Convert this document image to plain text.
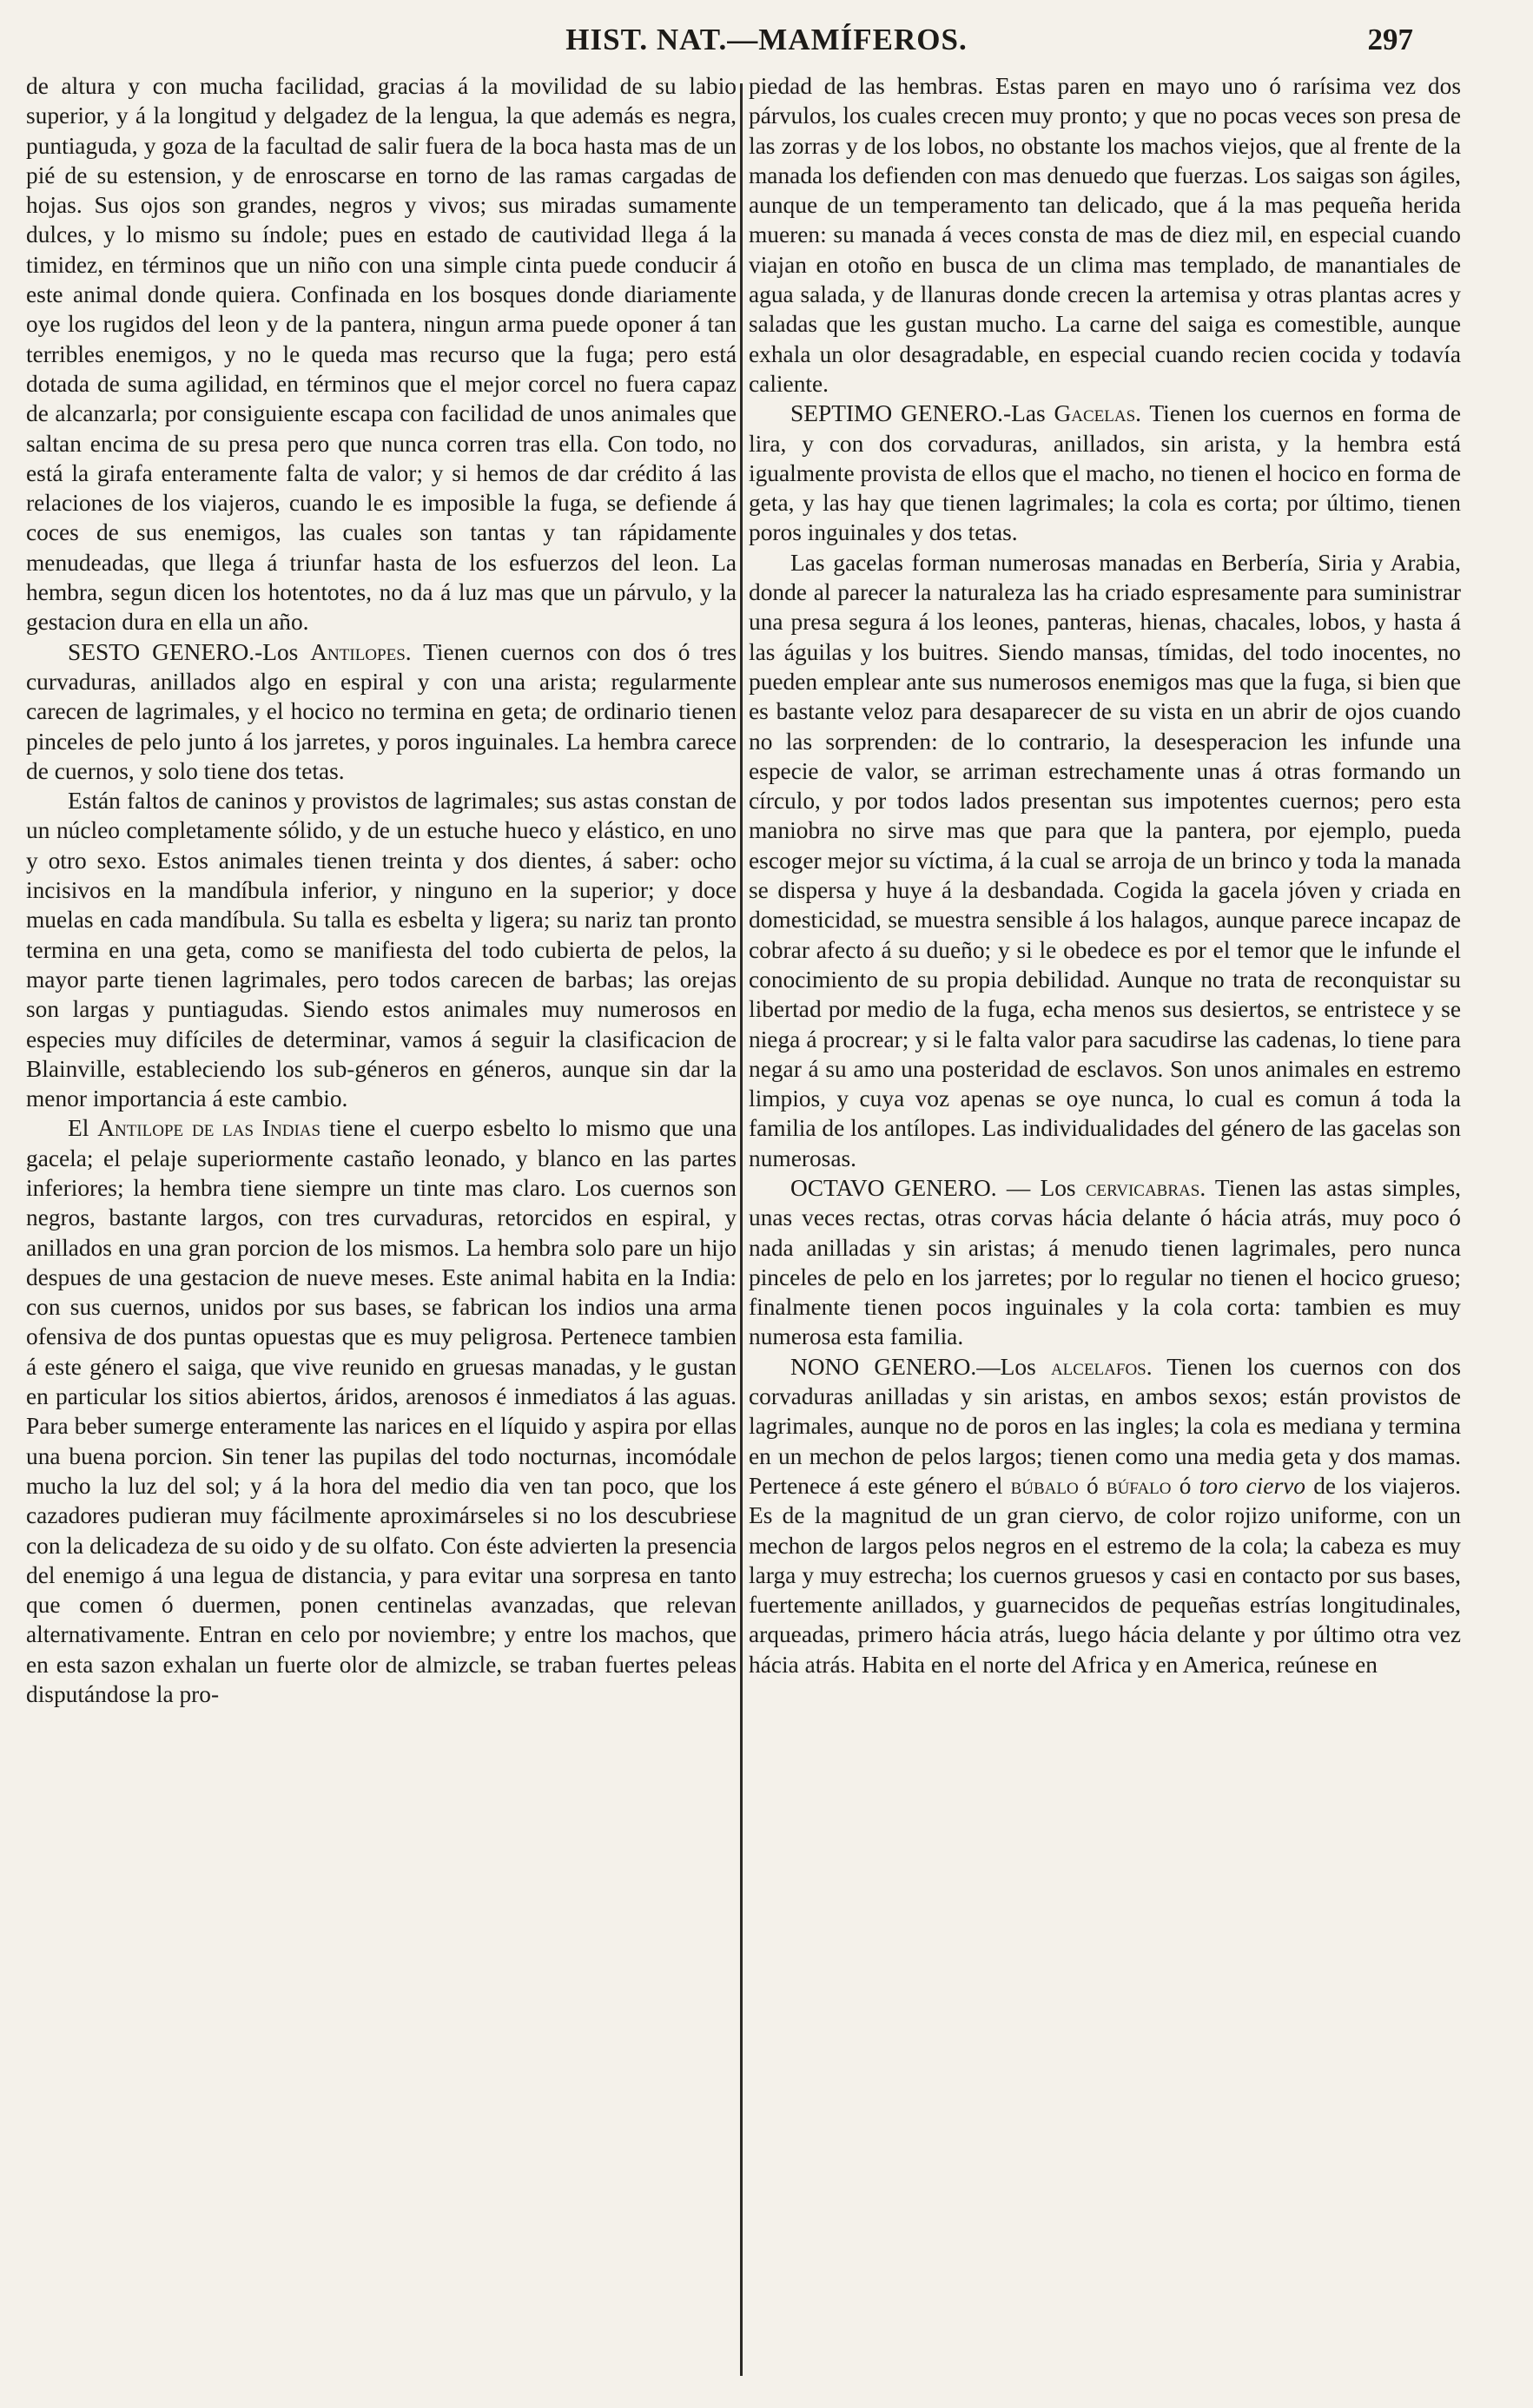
HIST. NAT.—MAMÍFEROS.	297

de altura y con mucha facilidad, gracias á la movilidad de su labio superior, y á la longitud y delgadez de la lengua, la que además es negra, puntiaguda, y goza de la facultad de salir fuera de la boca hasta mas de un pié de su estension, y de enroscarse en torno de las ramas cargadas de hojas. Sus ojos son grandes, negros y vivos; sus miradas sumamente dulces, y lo mismo su índole; pues en estado de cautividad llega á la timidez, en términos que un niño con una simple cinta puede conducir á este animal donde quiera. Confinada en los bosques donde diariamente oye los rugidos del leon y de la pantera, ningun arma puede oponer á tan terribles enemigos, y no le queda mas recurso que la fuga; pero está dotada de suma agilidad, en términos que el mejor corcel no fuera capaz de alcanzarla; por consiguiente escapa con facilidad de unos animales que saltan encima de su presa pero que nunca corren tras ella. Con todo, no está la girafa enteramente falta de valor; y si hemos de dar crédito á las relaciones de los viajeros, cuando le es imposible la fuga, se defiende á coces de sus enemigos, las cuales son tantas y tan rápidamente menudeadas, que llega á triunfar hasta de los esfuerzos del leon. La hembra, segun dicen los hotentotes, no da á luz mas que un párvulo, y la gestacion dura en ella un año.

SESTO GENERO.-Los Antilopes. Tienen cuernos con dos ó tres curvaduras, anillados algo en espiral y con una arista; regularmente carecen de lagrimales, y el hocico no termina en geta; de ordinario tienen pinceles de pelo junto á los jarretes, y poros inguinales. La hembra carece de cuernos, y solo tiene dos tetas.

Están faltos de caninos y provistos de lagrimales; sus astas constan de un núcleo completamente sólido, y de un estuche hueco y elástico, en uno y otro sexo. Estos animales tienen treinta y dos dientes, á saber: ocho incisivos en la mandíbula inferior, y ninguno en la superior; y doce muelas en cada mandíbula. Su talla es esbelta y ligera; su nariz tan pronto termina en una geta, como se manifiesta del todo cubierta de pelos, la mayor parte tienen lagrimales, pero todos carecen de barbas; las orejas son largas y puntiagudas. Siendo estos animales muy numerosos en especies muy difíciles de determinar, vamos á seguir la clasificacion de Blainville, estableciendo los sub-géneros en géneros, aunque sin dar la menor importancia á este cambio.

El Antilope de las Indias tiene el cuerpo esbelto lo mismo que una gacela; el pelaje superiormente castaño leonado, y blanco en las partes inferiores; la hembra tiene siempre un tinte mas claro. Los cuernos son negros, bastante largos, con tres curvaduras, retorcidos en espiral, y anillados en una gran porcion de los mismos. La hembra solo pare un hijo despues de una gestacion de nueve meses. Este animal habita en la India: con sus cuernos, unidos por sus bases, se fabrican los indios una arma ofensiva de dos puntas opuestas que es muy peligrosa. Pertenece tambien á este género el saiga, que vive reunido en gruesas manadas, y le gustan en particular los sitios abiertos, áridos, arenosos é inmediatos á las aguas. Para beber sumerge enteramente las narices en el líquido y aspira por ellas una buena porcion. Sin tener las pupilas del todo nocturnas, incomódale mucho la luz del sol; y á la hora del medio dia ven tan poco, que los cazadores pudieran muy fácilmente aproximárseles si no los descubriese con la delicadeza de su oido y de su olfato. Con éste advierten la presencia del enemigo á una legua de distancia, y para evitar una sorpresa en tanto que comen ó duermen, ponen centinelas avanzadas, que relevan alternativamente. Entran en celo por noviembre; y entre los machos, que en esta sazon exhalan un fuerte olor de almizcle, se traban fuertes peleas disputándose la pro-

piedad de las hembras. Estas paren en mayo uno ó rarísima vez dos párvulos, los cuales crecen muy pronto; y que no pocas veces son presa de las zorras y de los lobos, no obstante los machos viejos, que al frente de la manada los defienden con mas denuedo que fuerzas. Los saigas son ágiles, aunque de un temperamento tan delicado, que á la mas pequeña herida mueren: su manada á veces consta de mas de diez mil, en especial cuando viajan en otoño en busca de un clima mas templado, de manantiales de agua salada, y de llanuras donde crecen la artemisa y otras plantas acres y saladas que les gustan mucho. La carne del saiga es comestible, aunque exhala un olor desagradable, en especial cuando recien cocida y todavía caliente.

SEPTIMO GENERO.-Las Gacelas. Tienen los cuernos en forma de lira, y con dos corvaduras, anillados, sin arista, y la hembra está igualmente provista de ellos que el macho, no tienen el hocico en forma de geta, y las hay que tienen lagrimales; la cola es corta; por último, tienen poros inguinales y dos tetas.

Las gacelas forman numerosas manadas en Berbería, Siria y Arabia, donde al parecer la naturaleza las ha criado espresamente para suministrar una presa segura á los leones, panteras, hienas, chacales, lobos, y hasta á las águilas y los buitres. Siendo mansas, tímidas, del todo inocentes, no pueden emplear ante sus numerosos enemigos mas que la fuga, si bien que es bastante veloz para desaparecer de su vista en un abrir de ojos cuando no las sorprenden: de lo contrario, la desesperacion les infunde una especie de valor, se arriman estrechamente unas á otras formando un círculo, y por todos lados presentan sus impotentes cuernos; pero esta maniobra no sirve mas que para que la pantera, por ejemplo, pueda escoger mejor su víctima, á la cual se arroja de un brinco y toda la manada se dispersa y huye á la desbandada. Cogida la gacela jóven y criada en domesticidad, se muestra sensible á los halagos, aunque parece incapaz de cobrar afecto á su dueño; y si le obedece es por el temor que le infunde el conocimiento de su propia debilidad. Aunque no trata de reconquistar su libertad por medio de la fuga, echa menos sus desiertos, se entristece y se niega á procrear; y si le falta valor para sacudirse las cadenas, lo tiene para negar á su amo una posteridad de esclavos. Son unos animales en estremo limpios, y cuya voz apenas se oye nunca, lo cual es comun á toda la familia de los antílopes. Las individualidades del género de las gacelas son numerosas.

OCTAVO GENERO. — Los cervicabras. Tienen las astas simples, unas veces rectas, otras corvas hácia delante ó hácia atrás, muy poco ó nada anilladas y sin aristas; á menudo tienen lagrimales, pero nunca pinceles de pelo en los jarretes; por lo regular no tienen el hocico grueso; finalmente tienen pocos inguinales y la cola corta: tambien es muy numerosa esta familia.

NONO GENERO.—Los alcelafos. Tienen los cuernos con dos corvaduras anilladas y sin aristas, en ambos sexos; están provistos de lagrimales, aunque no de poros en las ingles; la cola es mediana y termina en un mechon de pelos largos; tienen como una media geta y dos mamas. Pertenece á este género el búbalo ó búfalo ó toro ciervo de los viajeros. Es de la magnitud de un gran ciervo, de color rojizo uniforme, con un mechon de largos pelos negros en el estremo de la cola; la cabeza es muy larga y muy estrecha; los cuernos gruesos y casi en contacto por sus bases, fuertemente anillados, y guarnecidos de pequeñas estrías longitudinales, arqueadas, primero hácia atrás, luego hácia delante y por último otra vez hácia atrás. Habita en el norte del Africa y en America, reúnese en
